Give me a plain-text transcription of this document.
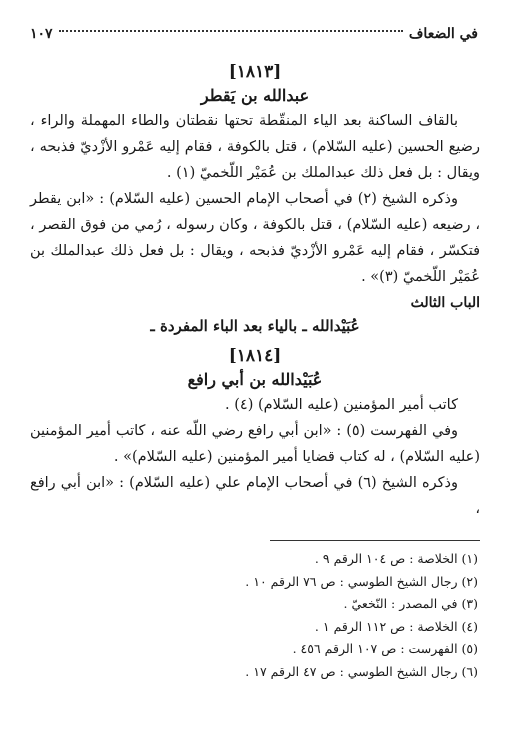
في الضعاف
١٠٧

[١٨١٣]

عبدالله بن يَقطر

بالقاف الساكنة بعد الياء المنقّطة تحتها نقطتان والطاء المهملة والراء ، رضيع الحسين (عليه السّلام) ، قتل بالكوفة ، فقام إليه عَمْرو الأزْديّ فذبحه ، ويقال : بل فعل ذلك عبدالملك بن عُمَيْر اللّخميّ (١) .

وذكره الشيخ (٢) في أصحاب الإمام الحسين (عليه السّلام) : «ابن يقطر ، رضيعه (عليه السّلام) ، قتل بالكوفة ، وكان رسوله ، رُمي من فوق القصر ، فتكسّر ، فقام إليه عَمْرو الأزْديّ فذبحه ، ويقال : بل فعل ذلك عبدالملك بن عُمَيْر اللّخميّ (٣)» .

الباب الثالث

عُبَيْدالله ـ بالياء بعد الباء المفردة ـ

[١٨١٤]

عُبَيْدالله بن أبي رافع

كاتب أمير المؤمنين (عليه السّلام) (٤) .

وفي الفهرست (٥) : «ابن أبي رافع رضي اللّه عنه ، كاتب أمير المؤمنين (عليه السّلام) ، له كتاب قضايا أمير المؤمنين (عليه السّلام)» .

وذكره الشيخ (٦) في أصحاب الإمام علي (عليه السّلام) : «ابن أبي رافع ،

(١) الخلاصة : ص ١٠٤ الرقم ٩ .

(٢) رجال الشيخ الطوسي : ص ٧٦ الرقم ١٠ .

(٣) في المصدر : النّخعيّ .

(٤) الخلاصة : ص ١١٢ الرقم ١ .

(٥) الفهرست : ص ١٠٧ الرقم ٤٥٦ .

(٦) رجال الشيخ الطوسي : ص ٤٧ الرقم ١٧ .
